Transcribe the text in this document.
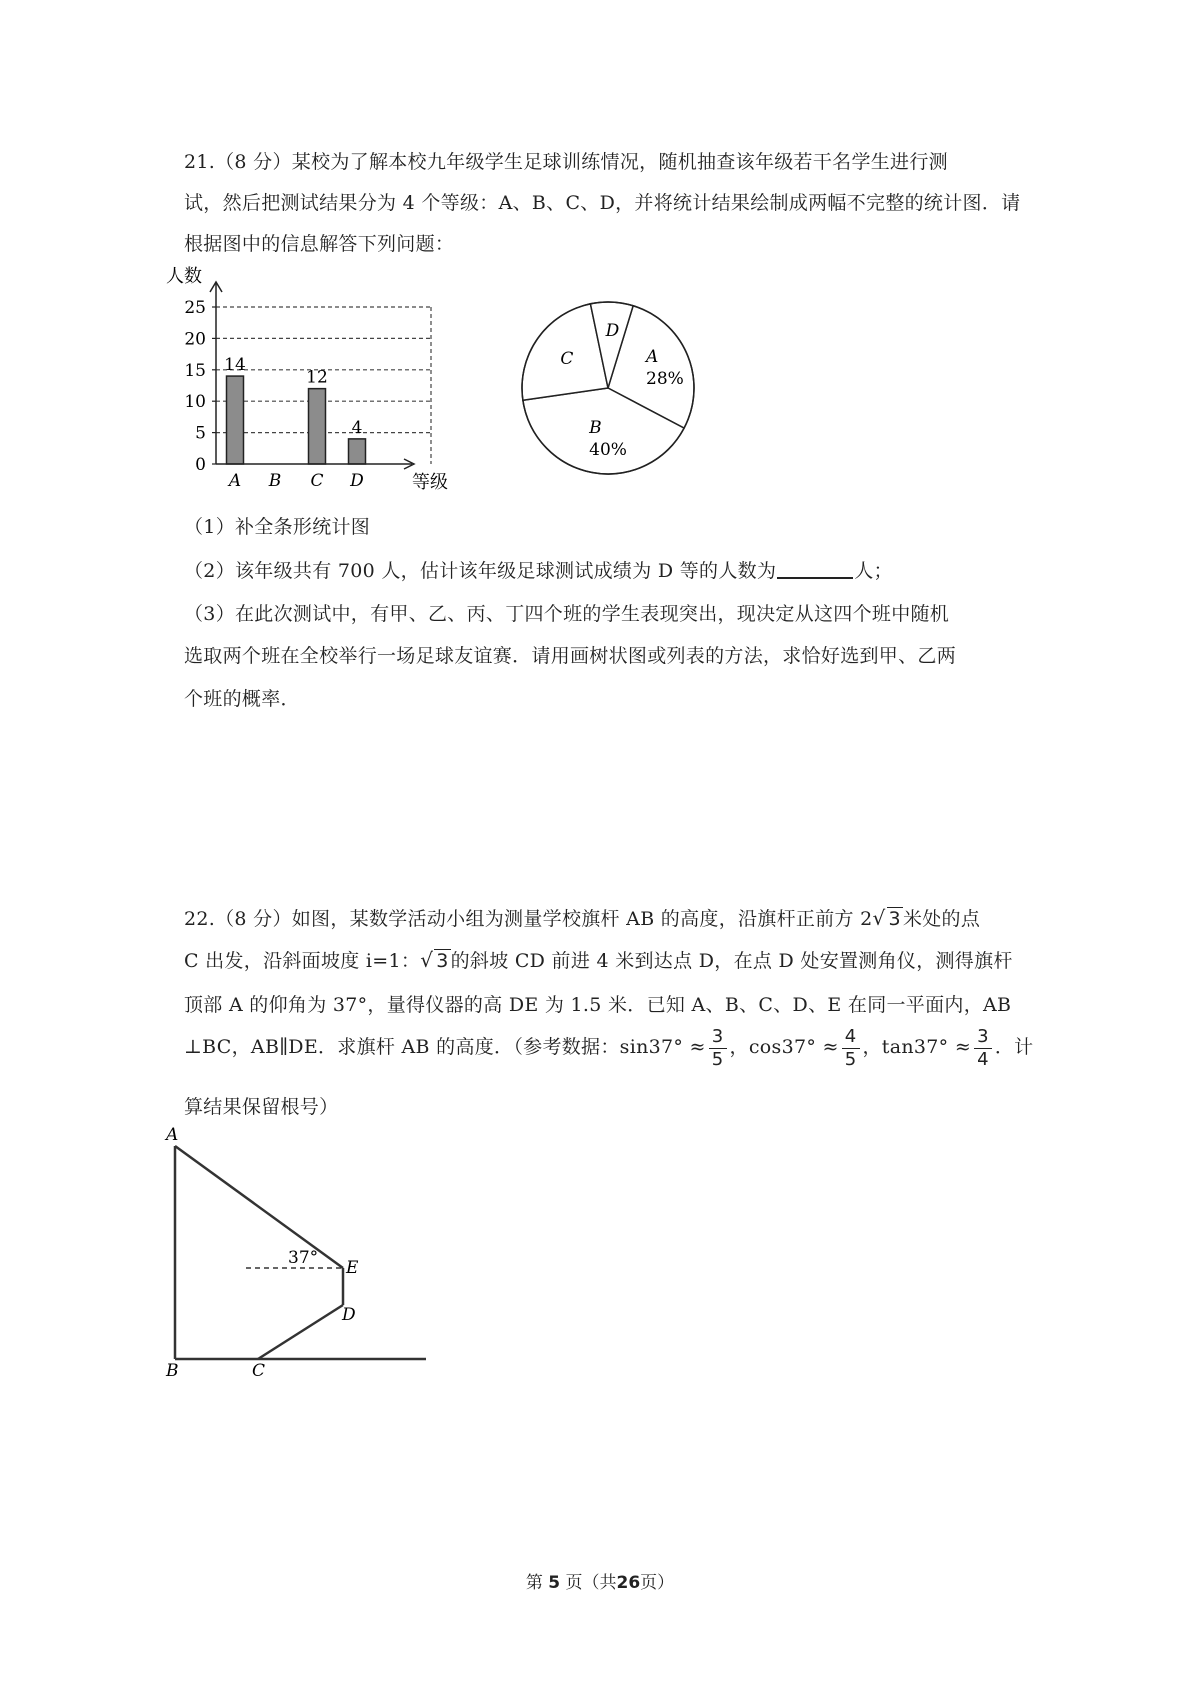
21.（8 分）某校为了解本校九年级学生足球训练情况，随机抽查该年级若干名学生进行测
试，然后把测试结果分为 4 个等级：A、B、C、D，并将统计结果绘制成两幅不完整的统计图．请
根据图中的信息解答下列问题：
人数
0
5
10
15
20
25
14
12
4
A B C D	等级
A
28%
B
40%
C
D
（1）补全条形统计图
（2）该年级共有 700 人，估计该年级足球测试成绩为 D 等的人数为	人；
（3）在此次测试中，有甲、乙、丙、丁四个班的学生表现突出，现决定从这四个班中随机
选取两个班在全校举行一场足球友谊赛．请用画树状图或列表的方法，求恰好选到甲、乙两
个班的概率．
22.（8 分）如图，某数学活动小组为测量学校旗杆 AB 的高度，沿旗杆正前方 2 √ 3 米处的点
C 出发，沿斜面坡度 i=1： √ 3 的斜坡 CD 前进 4 米到达点 D，在点 D 处安置测角仪，测得旗杆
顶部 A 的仰角为 37°，量得仪器的高 DE 为 1.5 米．已知 A、B、C、D、E 在同一平面内，AB
⊥BC，AB∥DE．求旗杆 AB 的高度．（参考数据：$\sin 37^\circ \approx \frac{3}{5}$ ，$\cos 37^\circ \approx \frac{4}{5}$ ，$\tan 37^\circ \approx \frac{3}{4}$ ．计
算结果保留根号）
A
B	C
D
E
37°
第 5 页（共26页）
